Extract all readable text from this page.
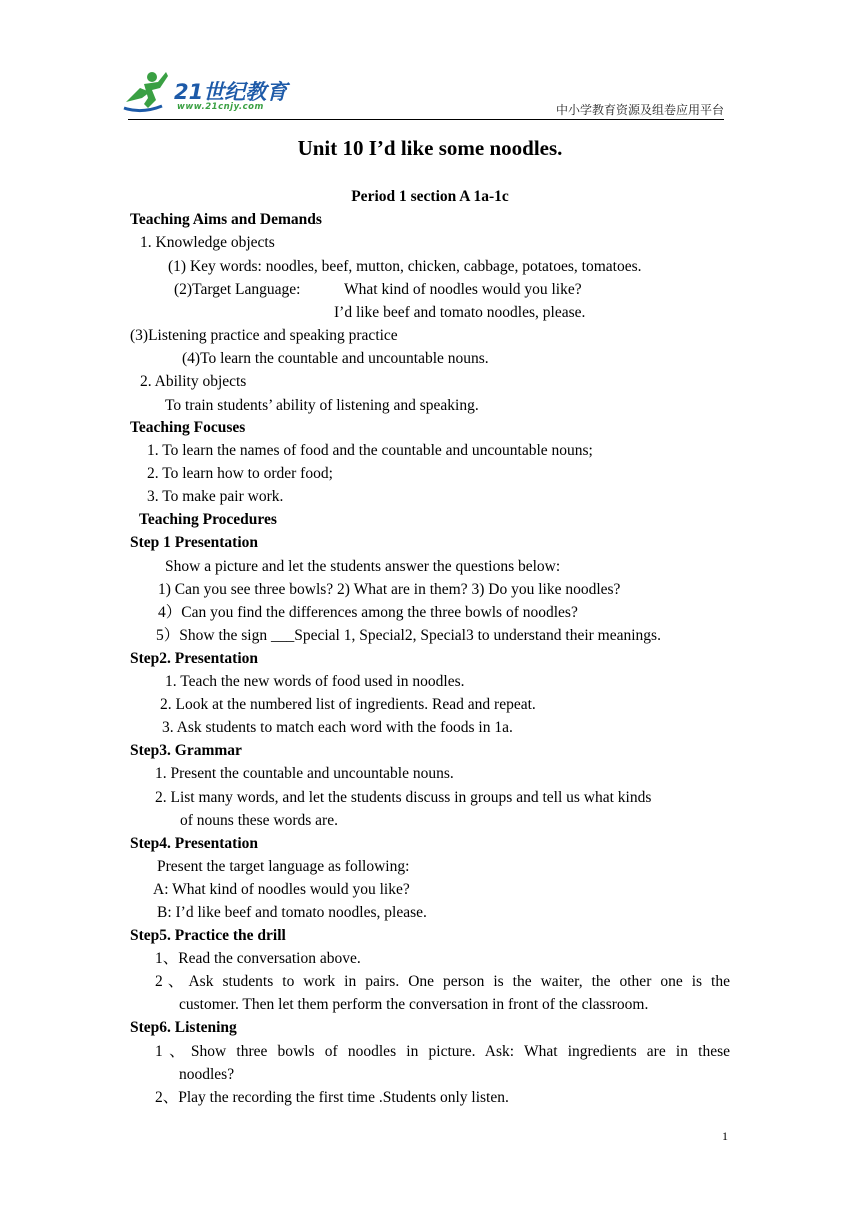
21世纪教育
www.21cnjy.com	中小学教育资源及组卷应用平台
Unit 10 I’d like some noodles.
Period 1 section A 1a-1c
Teaching Aims and Demands
1. Knowledge objects
(1) Key words: noodles, beef, mutton, chicken, cabbage, potatoes, tomatoes.
(2)Target Language:	What kind of noodles would you like?
I’d like beef and tomato noodles, please.
(3)Listening practice and speaking practice
(4)To learn the countable and uncountable nouns.
2. Ability objects
To train students’ ability of listening and speaking.
Teaching Focuses
1. To learn the names of food and the countable and uncountable nouns;
2. To learn how to order food;
3. To make pair work.
Teaching Procedures
Step 1 Presentation
Show a picture and let the students answer the questions below:
1) Can you see three bowls? 2) What are in them? 3) Do you like noodles?
4）Can you find the differences among the three bowls of noodles?
5）Show the sign ___Special 1, Special2, Special3 to understand their meanings.
Step2. Presentation
1. Teach the new words of food used in noodles.
2. Look at the numbered list of ingredients. Read and repeat.
3. Ask students to match each word with the foods in 1a.
Step3. Grammar
1. Present the countable and uncountable nouns.
2. List many words, and let the students discuss in groups and tell us what kinds
of nouns these words are.
Step4. Presentation
Present the target language as following:
A: What kind of noodles would you like?
B: I’d like beef and tomato noodles, please.
Step5. Practice the drill
1、Read the conversation above.
2、Ask students to work in pairs. One person is the waiter, the other one is the
customer. Then let them perform the conversation in front of the classroom.
Step6. Listening
1、Show three bowls of noodles in picture. Ask: What ingredients are in these
noodles?
2、Play the recording the first time .Students only listen.
1
